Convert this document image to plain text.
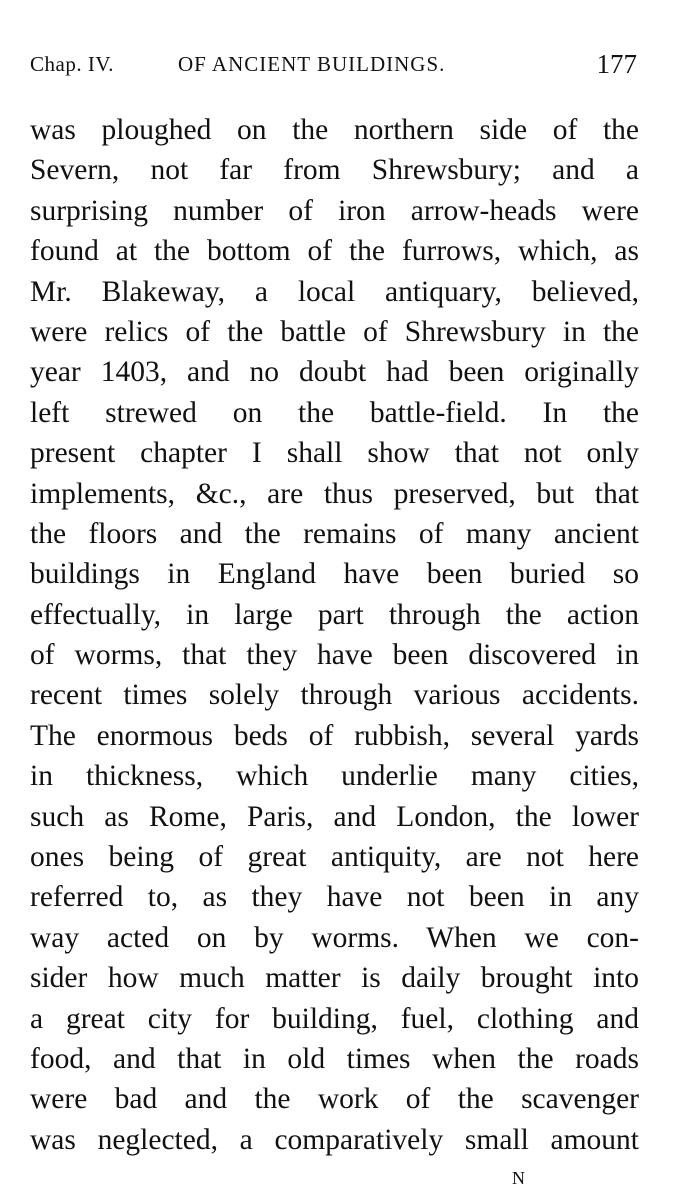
Chap. IV.	OF ANCIENT BUILDINGS.	177
was ploughed on the northern side of the
Severn, not far from Shrewsbury; and a
surprising number of iron arrow-heads were
found at the bottom of the furrows, which, as
Mr. Blakeway, a local antiquary, believed,
were relics of the battle of Shrewsbury in the
year 1403, and no doubt had been originally
left strewed on the battle-field. In the
present chapter I shall show that not only
implements, &c., are thus preserved, but that
the floors and the remains of many ancient
buildings in England have been buried so
effectually, in large part through the action
of worms, that they have been discovered in
recent times solely through various accidents.
The enormous beds of rubbish, several yards
in thickness, which underlie many cities,
such as Rome, Paris, and London, the lower
ones being of great antiquity, are not here
referred to, as they have not been in any
way acted on by worms. When we con-
sider how much matter is daily brought into
a great city for building, fuel, clothing and
food, and that in old times when the roads
were bad and the work of the scavenger
was neglected, a comparatively small amount
N
